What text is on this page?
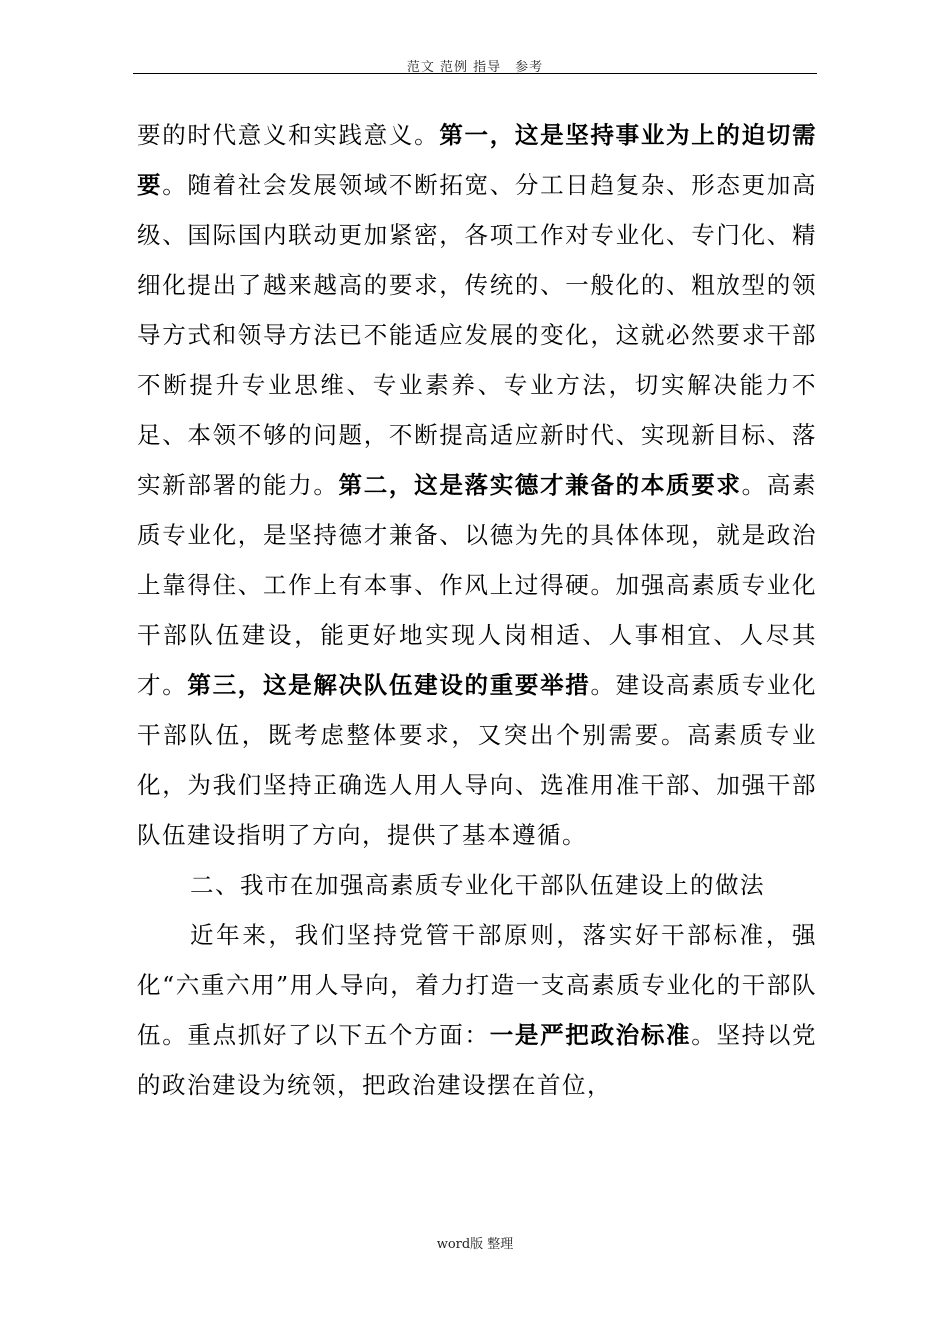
范文 范例 指导　参考

要的时代意义和实践意义。第一，这是坚持事业为上的迫切需要。随着社会发展领域不断拓宽、分工日趋复杂、形态更加高级、国际国内联动更加紧密，各项工作对专业化、专门化、精细化提出了越来越高的要求，传统的、一般化的、粗放型的领导方式和领导方法已不能适应发展的变化，这就必然要求干部不断提升专业思维、专业素养、专业方法，切实解决能力不足、本领不够的问题，不断提高适应新时代、实现新目标、落实新部署的能力。第二，这是落实德才兼备的本质要求。高素质专业化，是坚持德才兼备、以德为先的具体体现，就是政治上靠得住、工作上有本事、作风上过得硬。加强高素质专业化干部队伍建设，能更好地实现人岗相适、人事相宜、人尽其才。第三，这是解决队伍建设的重要举措。建设高素质专业化干部队伍，既考虑整体要求，又突出个别需要。高素质专业化，为我们坚持正确选人用人导向、选准用准干部、加强干部队伍建设指明了方向，提供了基本遵循。

二、我市在加强高素质专业化干部队伍建设上的做法

近年来，我们坚持党管干部原则，落实好干部标准，强化“六重六用”用人导向，着力打造一支高素质专业化的干部队伍。重点抓好了以下五个方面：一是严把政治标准。坚持以党的政治建设为统领，把政治建设摆在首位，

word版 整理
